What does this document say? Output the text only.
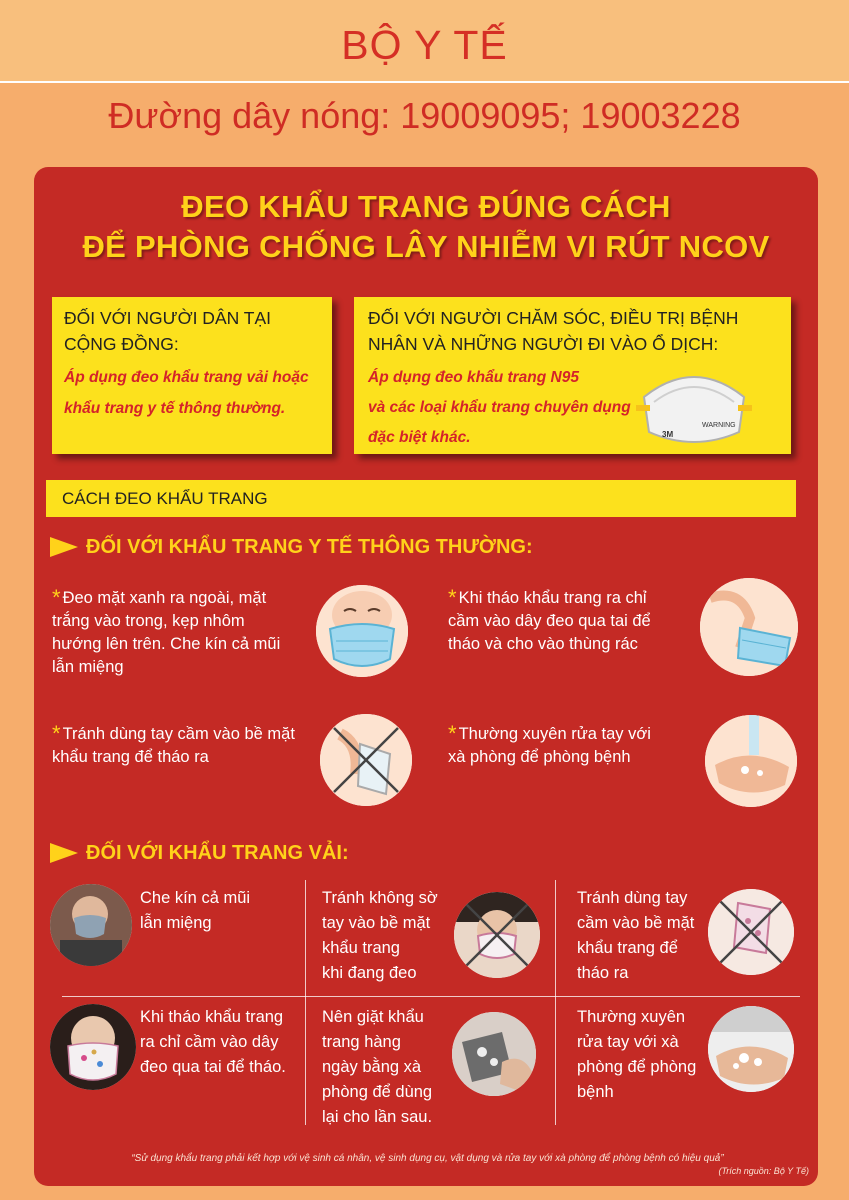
BỘ Y TẾ
Đường dây nóng: 19009095; 19003228
ĐEO KHẨU TRANG ĐÚNG CÁCH
ĐỂ PHÒNG CHỐNG LÂY NHIỄM VI RÚT NCOV
ĐỐI VỚI NGƯỜI DÂN TẠI
CỘNG ĐỒNG:
Áp dụng đeo khẩu trang vải hoặc
khẩu trang y tế thông thường.
ĐỐI VỚI NGƯỜI CHĂM SÓC, ĐIỀU TRỊ BỆNH
NHÂN VÀ NHỮNG NGƯỜI ĐI VÀO Ổ DỊCH:
Áp dụng đeo khẩu trang N95
và các loại khẩu trang chuyên dụng
đặc biệt khác.
WARNING
3M
CÁCH ĐEO KHẨU TRANG
ĐỐI VỚI KHẨU TRANG Y TẾ THÔNG THƯỜNG:
* Đeo mặt xanh ra ngoài, mặt
trắng vào trong, kẹp nhôm
hướng lên trên. Che kín cả mũi
lẫn miệng
* Khi tháo khẩu trang ra chỉ
cầm vào dây đeo qua tai để
tháo và cho vào thùng rác
* Tránh dùng tay cầm vào bề mặt
khẩu trang để tháo ra
* Thường xuyên rửa tay với
xà phòng để phòng bệnh
ĐỐI VỚI KHẨU TRANG VẢI:
Che kín cả mũi
lẫn miệng
Tránh không sờ
tay vào bề mặt
khẩu trang
khi đang đeo
Tránh dùng tay
cầm vào bề mặt
khẩu trang để
tháo ra
Khi tháo khẩu trang
ra chỉ cầm vào dây
đeo qua tai để tháo.
Nên giặt khẩu
trang hàng
ngày bằng xà
phòng để dùng
lại cho lần sau.
Thường xuyên
rửa tay với xà
phòng để phòng
bệnh
“Sử dụng khẩu trang phải kết hợp với vệ sinh cá nhân, vệ sinh dụng cụ, vật dụng và rửa tay với xà phòng để phòng bệnh có hiệu quả”
(Trích nguồn: Bộ Y Tế)
